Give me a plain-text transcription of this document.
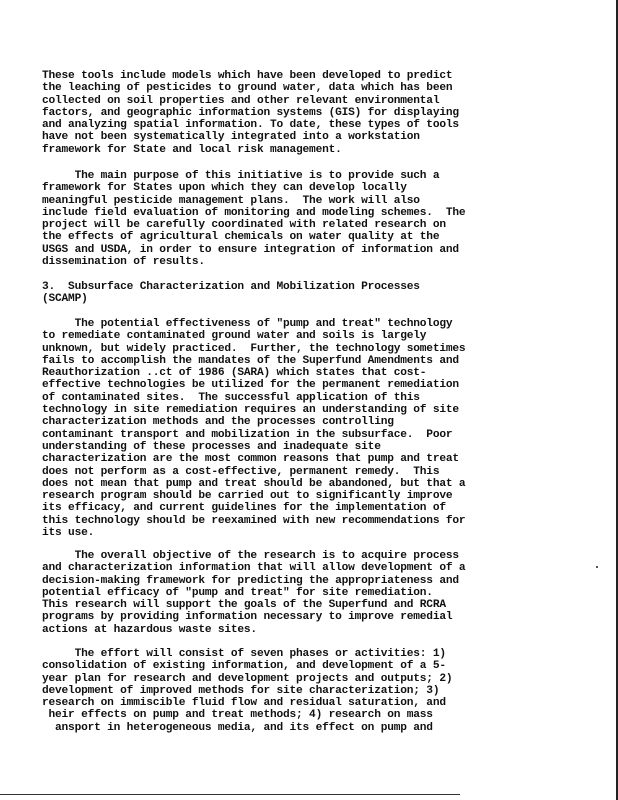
These tools include models which have been developed to predict
the leaching of pesticides to ground water, data which has been
collected on soil properties and other relevant environmental
factors, and geographic information systems (GIS) for displaying
and analyzing spatial information. To date, these types of tools
have not been systematically integrated into a workstation
framework for State and local risk management.
The main purpose of this initiative is to provide such a
framework for States upon which they can develop locally
meaningful pesticide management plans.  The work will also
include field evaluation of monitoring and modeling schemes.  The
project will be carefully coordinated with related research on
the effects of agricultural chemicals on water quality at the
USGS and USDA, in order to ensure integration of information and
dissemination of results.
3.  Subsurface Characterization and Mobilization Processes
(SCAMP)
The potential effectiveness of "pump and treat" technology
to remediate contaminated ground water and soils is largely
unknown, but widely practiced.  Further, the technology sometimes
fails to accomplish the mandates of the Superfund Amendments and
Reauthorization ..ct of 1986 (SARA) which states that cost-
effective technologies be utilized for the permanent remediation
of contaminated sites.  The successful application of this
technology in site remediation requires an understanding of site
characterization methods and the processes controlling
contaminant transport and mobilization in the subsurface.  Poor
understanding of these processes and inadequate site
characterization are the most common reasons that pump and treat
does not perform as a cost-effective, permanent remedy.  This
does not mean that pump and treat should be abandoned, but that a
research program should be carried out to significantly improve
its efficacy, and current guidelines for the implementation of
this technology should be reexamined with new recommendations for
its use.
The overall objective of the research is to acquire process
and characterization information that will allow development of a
decision-making framework for predicting the appropriateness and
potential efficacy of "pump and treat" for site remediation.
This research will support the goals of the Superfund and RCRA
programs by providing information necessary to improve remedial
actions at hazardous waste sites.
The effort will consist of seven phases or activities: 1)
consolidation of existing information, and development of a 5-
year plan for research and development projects and outputs; 2)
development of improved methods for site characterization; 3)
research on immiscible fluid flow and residual saturation, and
heir effects on pump and treat methods; 4) research on mass
ansport in heterogeneous media, and its effect on pump and
